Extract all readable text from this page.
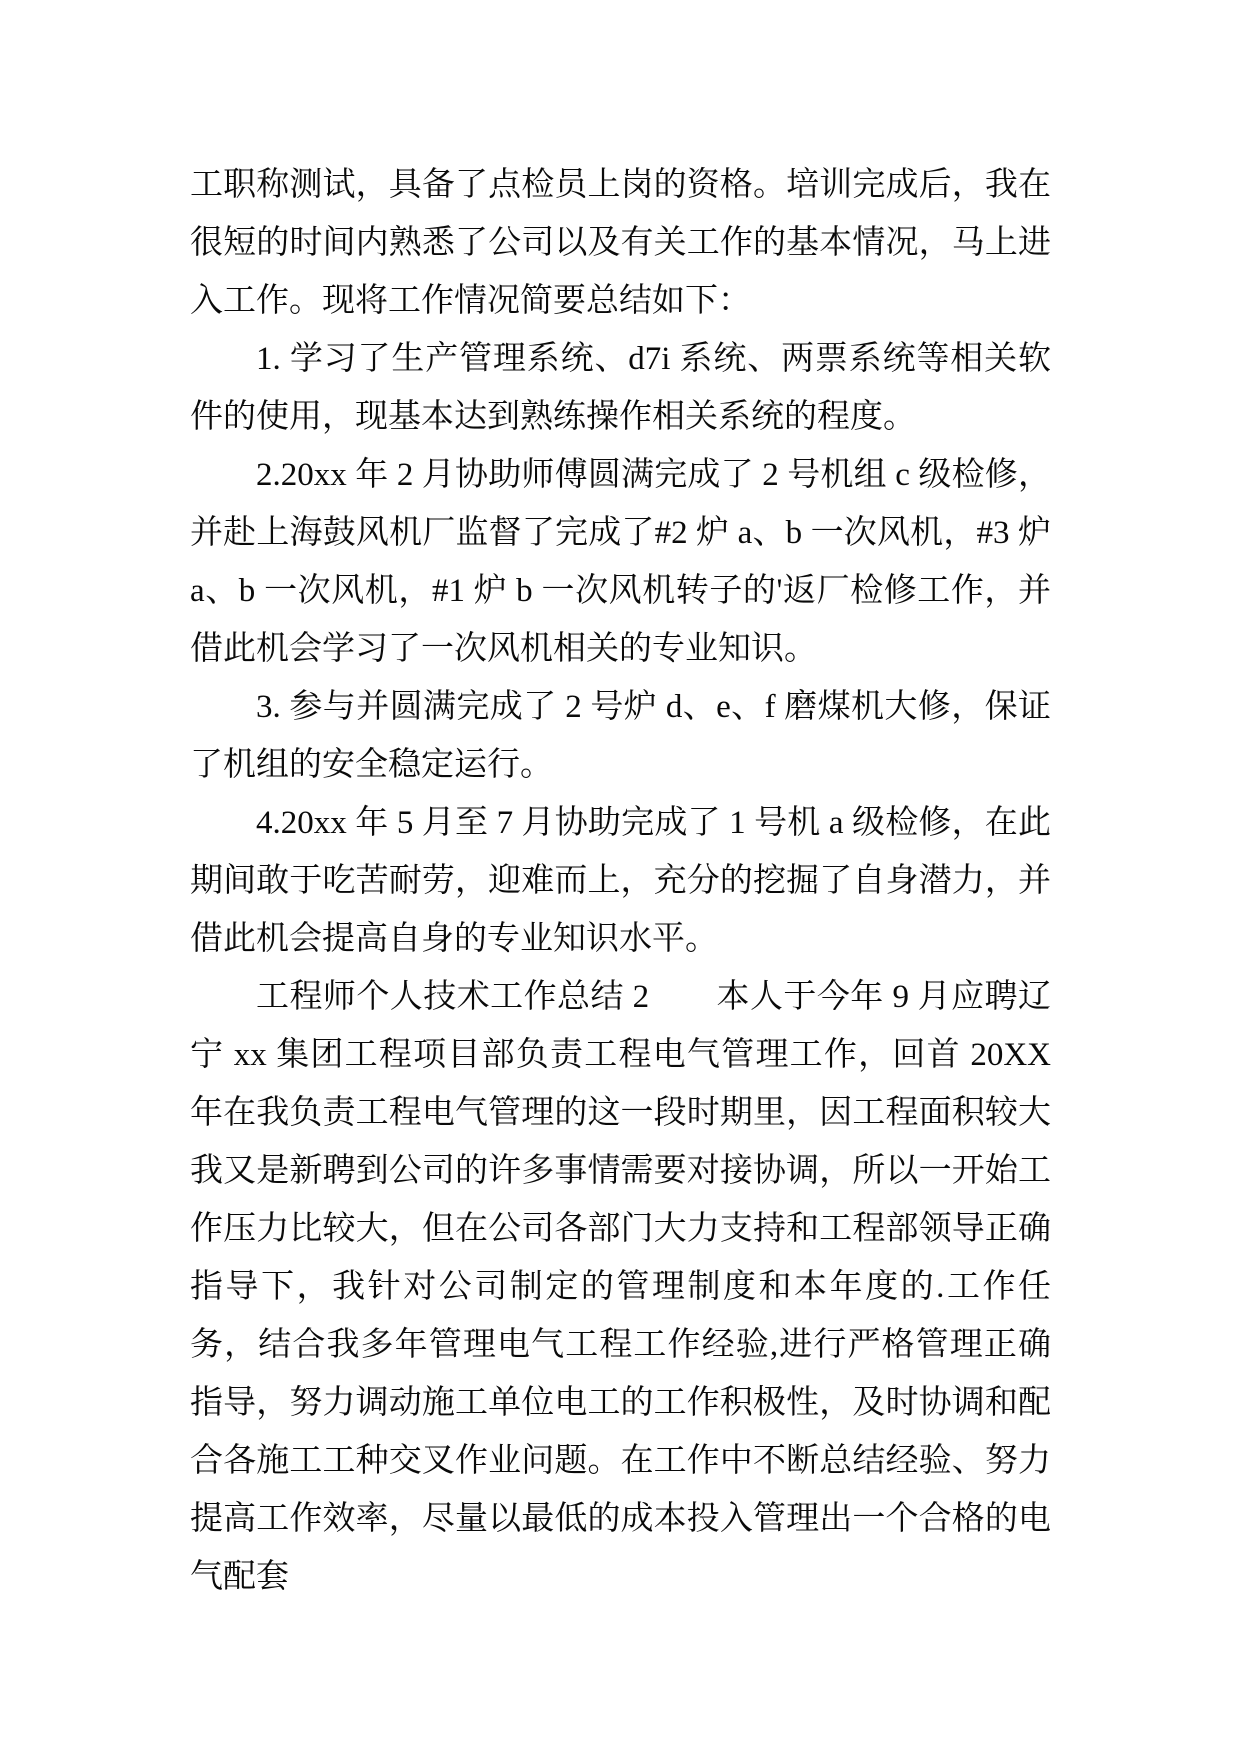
工职称测试，具备了点检员上岗的资格。培训完成后，我在很短的时间内熟悉了公司以及有关工作的基本情况，马上进入工作。现将工作情况简要总结如下：

1. 学习了生产管理系统、d7i 系统、两票系统等相关软件的使用，现基本达到熟练操作相关系统的程度。

2.20xx 年 2 月协助师傅圆满完成了 2 号机组 c 级检修，并赴上海鼓风机厂监督了完成了#2 炉 a、b 一次风机，#3 炉 a、b 一次风机，#1 炉 b 一次风机转子的'返厂检修工作，并借此机会学习了一次风机相关的专业知识。

3. 参与并圆满完成了 2 号炉 d、e、f 磨煤机大修，保证了机组的安全稳定运行。

4.20xx 年 5 月至 7 月协助完成了 1 号机 a 级检修，在此期间敢于吃苦耐劳，迎难而上，充分的挖掘了自身潜力，并借此机会提高自身的专业知识水平。

工程师个人技术工作总结 2　　本人于今年 9 月应聘辽宁 xx 集团工程项目部负责工程电气管理工作，回首 20XX 年在我负责工程电气管理的这一段时期里，因工程面积较大我又是新聘到公司的许多事情需要对接协调，所以一开始工作压力比较大，但在公司各部门大力支持和工程部领导正确指导下，我针对公司制定的管理制度和本年度的.工作任务，结合我多年管理电气工程工作经验,进行严格管理正确指导，努力调动施工单位电工的工作积极性，及时协调和配合各施工工种交叉作业问题。在工作中不断总结经验、努力提高工作效率，尽量以最低的成本投入管理出一个合格的电气配套
